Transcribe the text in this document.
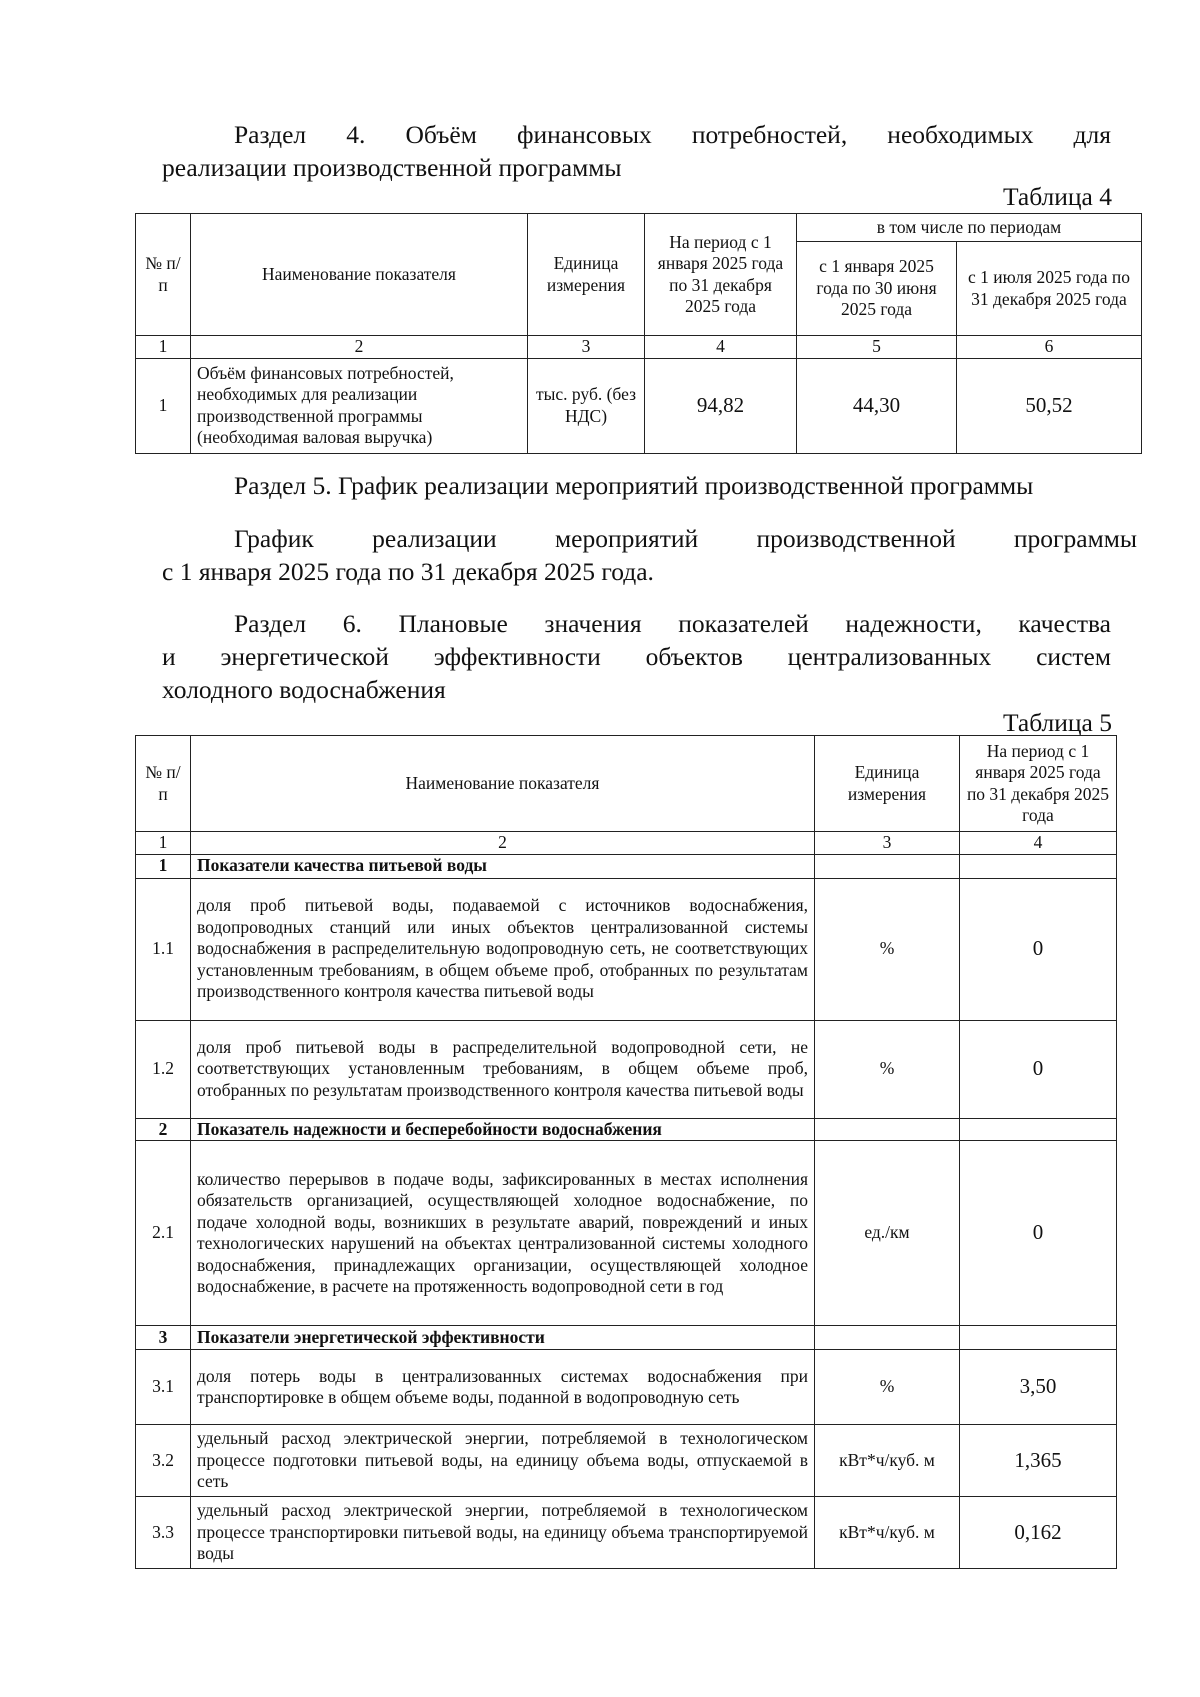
Раздел 4. Объём финансовых потребностей, необходимых для
реализации производственной программы
Таблица 4
№ п/п	Наименование показателя	Единица измерения	На период с 1 января 2025 года по 31 декабря 2025 года	в том числе по периодам	
				с 1 января 2025 года по 30 июня 2025 года	с 1 июля 2025 года по 31 декабря 2025 года
1	2	3	4	5	6
1	Объём финансовых потребностей, необходимых для реализации производственной программы (необходимая валовая выручка)	тыс. руб. (без НДС)	94,82	44,30	50,52
Раздел 5. График реализации мероприятий производственной программы
График реализации мероприятий производственной программы
с 1 января 2025 года по 31 декабря 2025 года.
Раздел 6. Плановые значения показателей надежности, качества
и энергетической эффективности объектов централизованных систем
холодного водоснабжения
Таблица 5
№ п/п	Наименование показателя	Единица измерения	На период с 1 января 2025 года по 31 декабря 2025 года
1	2	3	4
1	Показатели качества питьевой воды		
1.1	доля проб питьевой воды, подаваемой с источников водоснабжения, водопроводных станций или иных объектов централизованной системы водоснабжения в распределительную водопроводную сеть, не соответствующих установленным требованиям, в общем объеме проб, отобранных по результатам производственного контроля качества питьевой воды	%	0
1.2	доля проб питьевой воды в распределительной водопроводной сети, не соответствующих установленным требованиям, в общем объеме проб, отобранных по результатам производственного контроля качества питьевой воды	%	0
2	Показатель надежности и бесперебойности водоснабжения		
2.1	количество перерывов в подаче воды, зафиксированных в местах исполнения обязательств организацией, осуществляющей холодное водоснабжение, по подаче холодной воды, возникших в результате аварий, повреждений и иных технологических нарушений на объектах централизованной системы холодного водоснабжения, принадлежащих организации, осуществляющей холодное водоснабжение, в расчете на протяженность водопроводной сети в год	ед./км	0
3	Показатели энергетической эффективности		
3.1	доля потерь воды в централизованных системах водоснабжения при транспортировке в общем объеме воды, поданной в водопроводную сеть	%	3,50
3.2	удельный расход электрической энергии, потребляемой в технологическом процессе подготовки питьевой воды, на единицу объема воды, отпускаемой в сеть	кВт*ч/куб. м	1,365
3.3	удельный расход электрической энергии, потребляемой в технологическом процессе транспортировки питьевой воды, на единицу объема транспортируемой воды	кВт*ч/куб. м	0,162
